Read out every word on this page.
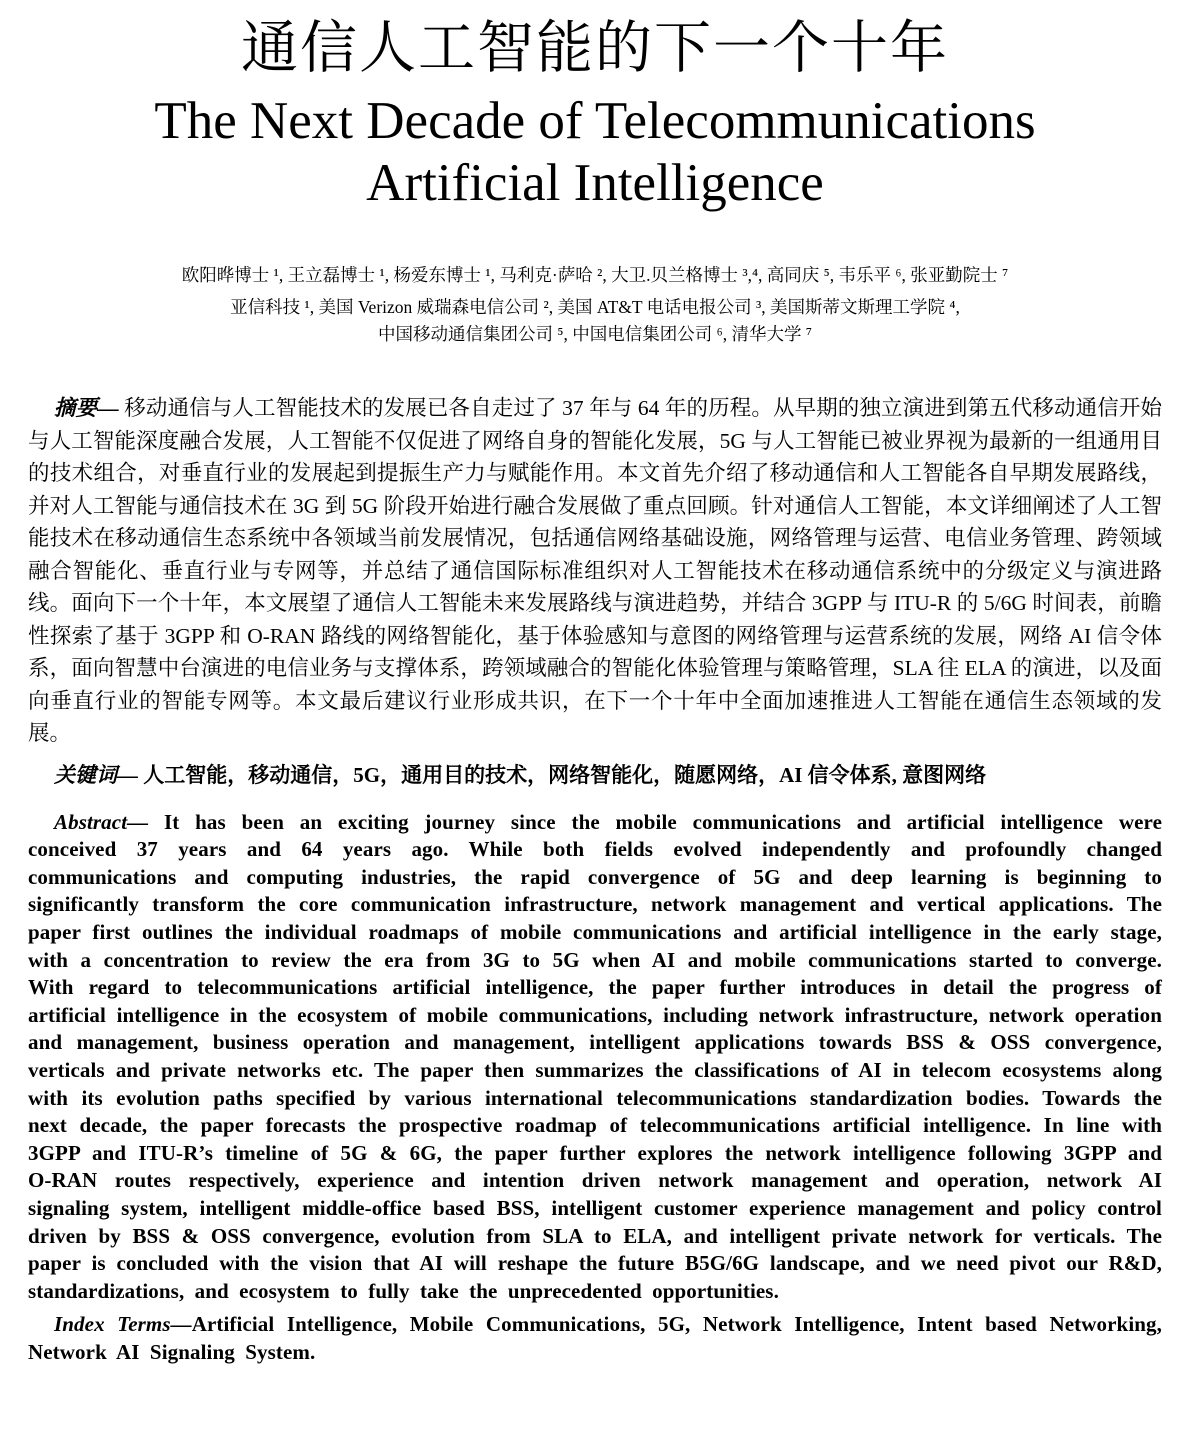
通信人工智能的下一个十年
The Next Decade of Telecommunications
Artificial Intelligence
欧阳晔博士 ¹, 王立磊博士 ¹, 杨爱东博士 ¹, 马利克·萨哈 ², 大卫.贝兰格博士 ³,⁴, 高同庆 ⁵, 韦乐平 ⁶, 张亚勤院士 ⁷
亚信科技 ¹, 美国 Verizon 威瑞森电信公司 ², 美国 AT&T 电话电报公司 ³, 美国斯蒂文斯理工学院 ⁴,
中国移动通信集团公司 ⁵, 中国电信集团公司 ⁶, 清华大学 ⁷

摘要— 移动通信与人工智能技术的发展已各自走过了 37 年与 64 年的历程。从早期的独立演进到第五代移动通信开始与人工智能深度融合发展，人工智能不仅促进了网络自身的智能化发展，5G 与人工智能已被业界视为最新的一组通用目的技术组合，对垂直行业的发展起到提振生产力与赋能作用。本文首先介绍了移动通信和人工智能各自早期发展路线，并对人工智能与通信技术在 3G 到 5G 阶段开始进行融合发展做了重点回顾。针对通信人工智能，本文详细阐述了人工智能技术在移动通信生态系统中各领域当前发展情况，包括通信网络基础设施，网络管理与运营、电信业务管理、跨领域融合智能化、垂直行业与专网等，并总结了通信国际标准组织对人工智能技术在移动通信系统中的分级定义与演进路线。面向下一个十年，本文展望了通信人工智能未来发展路线与演进趋势，并结合 3GPP 与 ITU-R 的 5/6G 时间表，前瞻性探索了基于 3GPP 和 O-RAN 路线的网络智能化，基于体验感知与意图的网络管理与运营系统的发展，网络 AI 信令体系，面向智慧中台演进的电信业务与支撑体系，跨领域融合的智能化体验管理与策略管理，SLA 往 ELA 的演进，以及面向垂直行业的智能专网等。本文最后建议行业形成共识，在下一个十年中全面加速推进人工智能在通信生态领域的发展。

关键词— 人工智能，移动通信，5G，通用目的技术，网络智能化，随愿网络，AI 信令体系, 意图网络

Abstract— It has been an exciting journey since the mobile communications and artificial intelligence were conceived 37 years and 64 years ago. While both fields evolved independently and profoundly changed communications and computing industries, the rapid convergence of 5G and deep learning is beginning to significantly transform the core communication infrastructure, network management and vertical applications. The paper first outlines the individual roadmaps of mobile communications and artificial intelligence in the early stage, with a concentration to review the era from 3G to 5G when AI and mobile communications started to converge. With regard to telecommunications artificial intelligence, the paper further introduces in detail the progress of artificial intelligence in the ecosystem of mobile communications, including network infrastructure, network operation and management, business operation and management, intelligent applications towards BSS & OSS convergence, verticals and private networks etc. The paper then summarizes the classifications of AI in telecom ecosystems along with its evolution paths specified by various international telecommunications standardization bodies. Towards the next decade, the paper forecasts the prospective roadmap of telecommunications artificial intelligence. In line with 3GPP and ITU-R’s timeline of 5G & 6G, the paper further explores the network intelligence following 3GPP and O-RAN routes respectively, experience and intention driven network management and operation, network AI signaling system, intelligent middle-office based BSS, intelligent customer experience management and policy control driven by BSS & OSS convergence, evolution from SLA to ELA, and intelligent private network for verticals. The paper is concluded with the vision that AI will reshape the future B5G/6G landscape, and we need pivot our R&D, standardizations, and ecosystem to fully take the unprecedented opportunities.

Index Terms—Artificial Intelligence, Mobile Communications, 5G, Network Intelligence, Intent based Networking, Network AI Signaling System.
